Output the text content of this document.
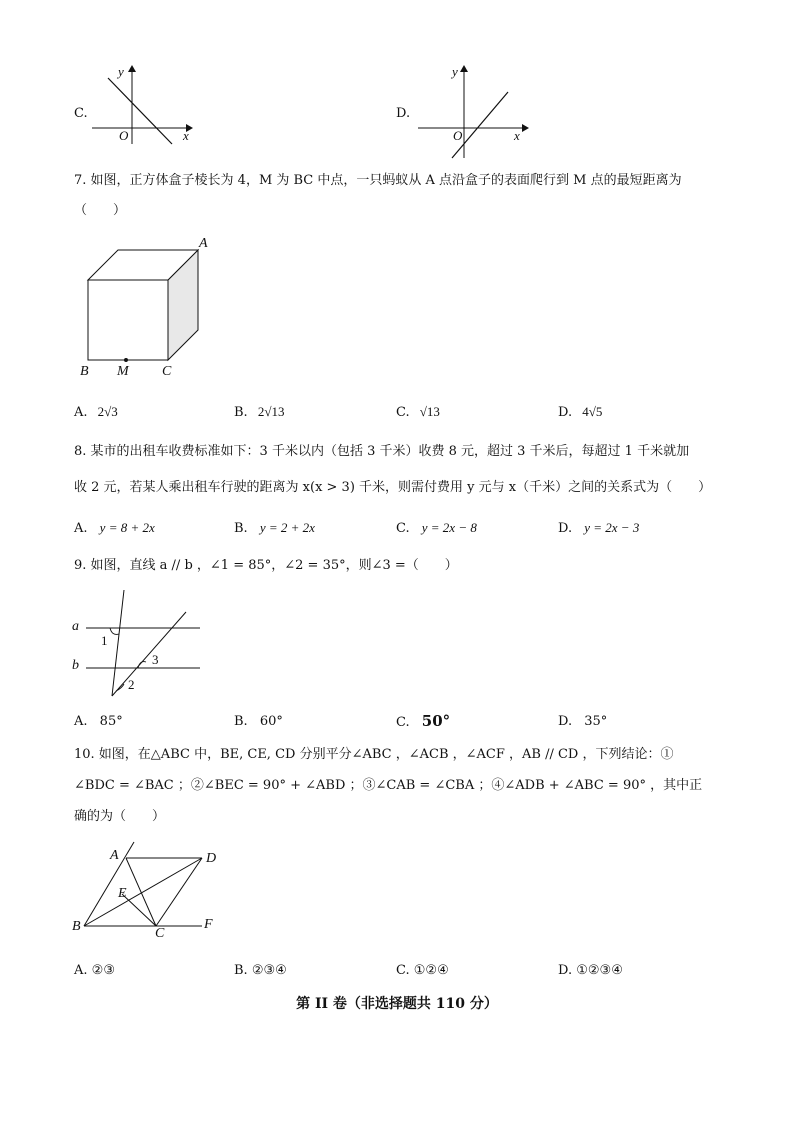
C.
y
x
O
D.
y
x
O
7. 如图，正方体盒子棱长为 4，M 为 BC 中点，一只蚂蚁从 A 点沿盒子的表面爬行到 M 点的最短距离为
（　　）
A
B M C
A. 2√3	B. 2√13	C. √13	D. 4√5
8. 某市的出租车收费标准如下：3 千米以内（包括 3 千米）收费 8 元，超过 3 千米后，每超过 1 千米就加
收 2 元，若某人乘出租车行驶的距离为 x(x > 3) 千米，则需付费用 y 元与 x（千米）之间的关系式为（　　）
A. y = 8 + 2x	B. y = 2 + 2x	C. y = 2x − 8	D. y = 2x − 3
9. 如图，直线 a // b ，∠1 = 85°，∠2 = 35°，则∠3 =（　　）
a
b
1
3
2
A. 85°	B. 60°	C. 50°	D. 35°
10. 如图，在△ABC 中，BE, CE, CD 分别平分∠ABC ，∠ACB ，∠ACF ，AB // CD ，下列结论：①
∠BDC = ∠BAC ；②∠BEC = 90° + ∠ABD ；③∠CAB = ∠CBA ；④∠ADB + ∠ABC = 90° ，其中正
确的为（　　）
A	D
E
B	C
F
A. ②③	B. ②③④	C. ①②④	D. ①②③④
第 II 卷（非选择题共 110 分）
